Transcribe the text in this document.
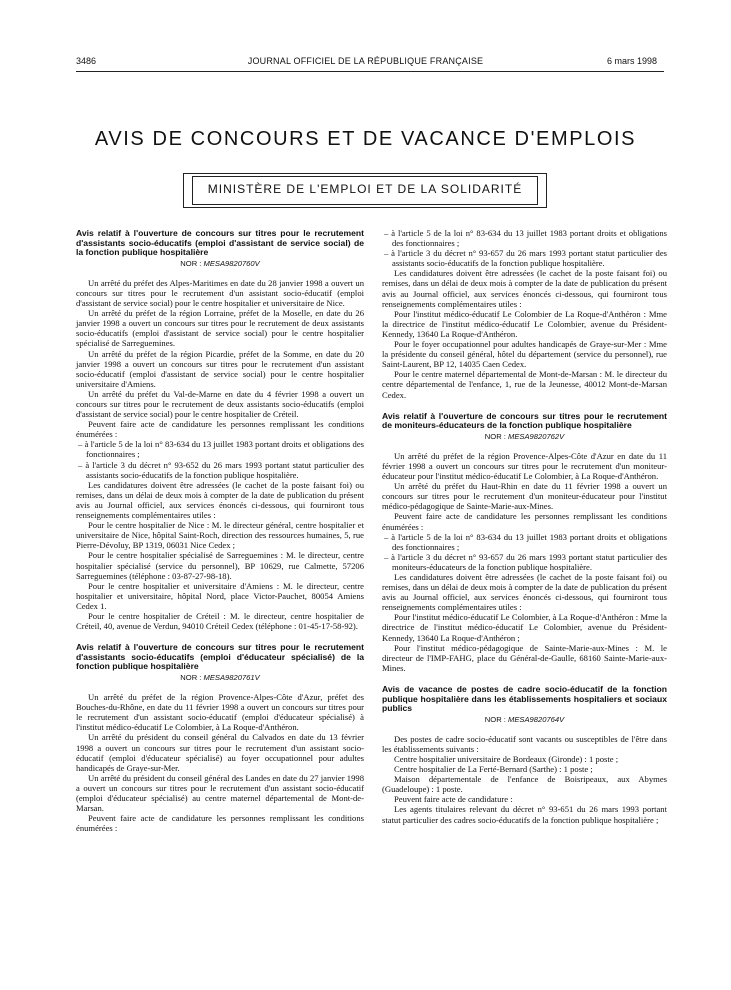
3486	JOURNAL OFFICIEL DE LA RÉPUBLIQUE FRANÇAISE	6 mars 1998
AVIS DE CONCOURS ET DE VACANCE D'EMPLOIS
MINISTÈRE DE L'EMPLOI ET DE LA SOLIDARITÉ
Avis relatif à l'ouverture de concours sur titres pour le recrutement d'assistants socio-éducatifs (emploi d'assistant de service social) de la fonction publique hospitalière
NOR : MESA9820760V

Un arrêté du préfet des Alpes-Maritimes en date du 28 janvier 1998 a ouvert un concours sur titres pour le recrutement d'un assistant socio-éducatif (emploi d'assistant de service social) pour le centre hospitalier et universitaire de Nice.

Un arrêté du préfet de la région Lorraine, préfet de la Moselle, en date du 26 janvier 1998 a ouvert un concours sur titres pour le recrutement de deux assistants socio-éducatifs (emploi d'assistant de service social) pour le centre hospitalier spécialisé de Sarreguemines.

Un arrêté du préfet de la région Picardie, préfet de la Somme, en date du 20 janvier 1998 a ouvert un concours sur titres pour le recrutement d'un assistant socio-éducatif (emploi d'assistant de service social) pour le centre hospitalier universitaire d'Amiens.

Un arrêté du préfet du Val-de-Marne en date du 4 février 1998 a ouvert un concours sur titres pour le recrutement de deux assistants socio-éducatifs (emploi d'assistant de service social) pour le centre hospitalier de Créteil.

Peuvent faire acte de candidature les personnes remplissant les conditions énumérées :

– à l'article 5 de la loi n° 83-634 du 13 juillet 1983 portant droits et obligations des fonctionnaires ;
– à l'article 3 du décret n° 93-652 du 26 mars 1993 portant statut particulier des assistants socio-éducatifs de la fonction publique hospitalière.

Les candidatures doivent être adressées (le cachet de la poste faisant foi) ou remises, dans un délai de deux mois à compter de la date de publication du présent avis au Journal officiel, aux services énoncés ci-dessous, qui fourniront tous renseignements complémentaires utiles :

Pour le centre hospitalier de Nice : M. le directeur général, centre hospitalier et universitaire de Nice, hôpital Saint-Roch, direction des ressources humaines, 5, rue Pierre-Dévoluy, BP 1319, 06031 Nice Cedex ;

Pour le centre hospitalier spécialisé de Sarreguemines : M. le directeur, centre hospitalier spécialisé (service du personnel), BP 10629, rue Calmette, 57206 Sarreguemines (téléphone : 03-87-27-98-18).

Pour le centre hospitalier et universitaire d'Amiens : M. le directeur, centre hospitalier et universitaire, hôpital Nord, place Victor-Pauchet, 80054 Amiens Cedex 1.

Pour le centre hospitalier de Créteil : M. le directeur, centre hospitalier de Créteil, 40, avenue de Verdun, 94010 Créteil Cedex (téléphone : 01-45-17-58-92).

Avis relatif à l'ouverture de concours sur titres pour le recrutement d'assistants socio-éducatifs (emploi d'éducateur spécialisé) de la fonction publique hospitalière
NOR : MESA9820761V

Un arrêté du préfet de la région Provence-Alpes-Côte d'Azur, préfet des Bouches-du-Rhône, en date du 11 février 1998 a ouvert un concours sur titres pour le recrutement d'un assistant socio-éducatif (emploi d'éducateur spécialisé) à l'institut médico-éducatif Le Colombier, à La Roque-d'Anthéron.

Un arrêté du président du conseil général du Calvados en date du 13 février 1998 a ouvert un concours sur titres pour le recrutement d'un assistant socio-éducatif (emploi d'éducateur spécialisé) au foyer occupationnel pour adultes handicapés de Graye-sur-Mer.

Un arrêté du président du conseil général des Landes en date du 27 janvier 1998 a ouvert un concours sur titres pour le recrutement d'un assistant socio-éducatif (emploi d'éducateur spécialisé) au centre maternel départemental de Mont-de-Marsan.

Peuvent faire acte de candidature les personnes remplissant les conditions énumérées :

– à l'article 5 de la loi n° 83-634 du 13 juillet 1983 portant droits et obligations des fonctionnaires ;
– à l'article 3 du décret n° 93-657 du 26 mars 1993 portant statut particulier des assistants socio-éducatifs de la fonction publique hospitalière.

Les candidatures doivent être adressées (le cachet de la poste faisant foi) ou remises, dans un délai de deux mois à compter de la date de publication du présent avis au Journal officiel, aux services énoncés ci-dessous, qui fourniront tous renseignements complémentaires utiles :

Pour l'institut médico-éducatif Le Colombier de La Roque-d'Anthéron : Mme la directrice de l'institut médico-éducatif Le Colombier, avenue du Président-Kennedy, 13640 La Roque-d'Anthéron.

Pour le foyer occupationnel pour adultes handicapés de Graye-sur-Mer : Mme la présidente du conseil général, hôtel du département (service du personnel), rue Saint-Laurent, BP 12, 14035 Caen Cedex.

Pour le centre maternel départemental de Mont-de-Marsan : M. le directeur du centre départemental de l'enfance, 1, rue de la Jeunesse, 40012 Mont-de-Marsan Cedex.

Avis relatif à l'ouverture de concours sur titres pour le recrutement de moniteurs-éducateurs de la fonction publique hospitalière
NOR : MESA9820762V

Un arrêté du préfet de la région Provence-Alpes-Côte d'Azur en date du 11 février 1998 a ouvert un concours sur titres pour le recrutement d'un moniteur-éducateur pour l'institut médico-éducatif Le Colombier, à La Roque-d'Anthéron.

Un arrêté du préfet du Haut-Rhin en date du 11 février 1998 a ouvert un concours sur titres pour le recrutement d'un moniteur-éducateur pour l'institut médico-pédagogique de Sainte-Marie-aux-Mines.

Peuvent faire acte de candidature les personnes remplissant les conditions énumérées :

– à l'article 5 de la loi n° 83-634 du 13 juillet 1983 portant droits et obligations des fonctionnaires ;
– à l'article 3 du décret n° 93-657 du 26 mars 1993 portant statut particulier des moniteurs-éducateurs de la fonction publique hospitalière.

Les candidatures doivent être adressées (le cachet de la poste faisant foi) ou remises, dans un délai de deux mois à compter de la date de publication du présent avis au Journal officiel, aux services énoncés ci-dessous, qui fourniront tous renseignements complémentaires utiles :

Pour l'institut médico-éducatif Le Colombier, à La Roque-d'Anthéron : Mme la directrice de l'institut médico-éducatif Le Colombier, avenue du Président-Kennedy, 13640 La Roque-d'Anthéron ;

Pour l'institut médico-pédagogique de Sainte-Marie-aux-Mines : M. le directeur de l'IMP-FAHG, place du Général-de-Gaulle, 68160 Sainte-Marie-aux-Mines.

Avis de vacance de postes de cadre socio-éducatif de la fonction publique hospitalière dans les établissements hospitaliers et sociaux publics
NOR : MESA9820764V

Des postes de cadre socio-éducatif sont vacants ou susceptibles de l'être dans les établissements suivants :

Centre hospitalier universitaire de Bordeaux (Gironde) : 1 poste ;

Centre hospitalier de La Ferté-Bernard (Sarthe) : 1 poste ;

Maison départementale de l'enfance de Boisripeaux, aux Abymes (Guadeloupe) : 1 poste.

Peuvent faire acte de candidature :

Les agents titulaires relevant du décret n° 93-651 du 26 mars 1993 portant statut particulier des cadres socio-éducatifs de la fonction publique hospitalière ;
